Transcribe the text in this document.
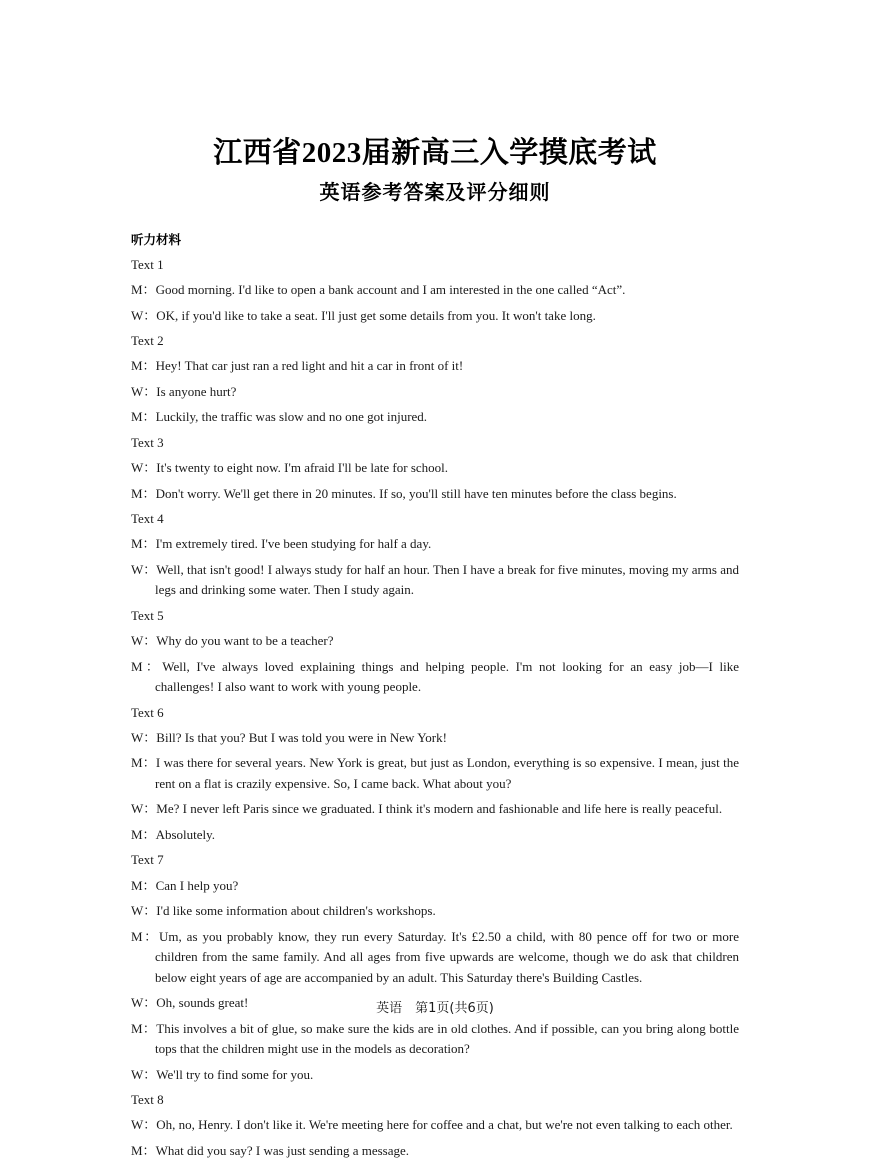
江西省2023届新高三入学摸底考试
英语参考答案及评分细则

听力材料

Text 1

M：Good morning. I'd like to open a bank account and I am interested in the one called “Act”.

W：OK, if you'd like to take a seat. I'll just get some details from you. It won't take long.

Text 2

M：Hey! That car just ran a red light and hit a car in front of it!

W：Is anyone hurt?

M：Luckily, the traffic was slow and no one got injured.

Text 3

W：It's twenty to eight now. I'm afraid I'll be late for school.

M：Don't worry. We'll get there in 20 minutes. If so, you'll still have ten minutes before the class begins.

Text 4

M：I'm extremely tired. I've been studying for half a day.

W：Well, that isn't good! I always study for half an hour. Then I have a break for five minutes, moving my arms and legs and drinking some water. Then I study again.

Text 5

W：Why do you want to be a teacher?

M：Well, I've always loved explaining things and helping people. I'm not looking for an easy job—I like challenges! I also want to work with young people.

Text 6

W：Bill? Is that you? But I was told you were in New York!

M：I was there for several years. New York is great, but just as London, everything is so expensive. I mean, just the rent on a flat is crazily expensive. So, I came back. What about you?

W：Me? I never left Paris since we graduated. I think it's modern and fashionable and life here is really peaceful.

M：Absolutely.

Text 7

M：Can I help you?

W：I'd like some information about children's workshops.

M：Um, as you probably know, they run every Saturday. It's £2.50 a child, with 80 pence off for two or more children from the same family. And all ages from five upwards are welcome, though we do ask that children below eight years of age are accompanied by an adult. This Saturday there's Building Castles.

W：Oh, sounds great!

M：This involves a bit of glue, so make sure the kids are in old clothes. And if possible, can you bring along bottle tops that the children might use in the models as decoration?

W：We'll try to find some for you.

Text 8

W：Oh, no, Henry. I don't like it. We're meeting here for coffee and a chat, but we're not even talking to each other.

M：What did you say? I was just sending a message.

英语　第1页(共6页)
